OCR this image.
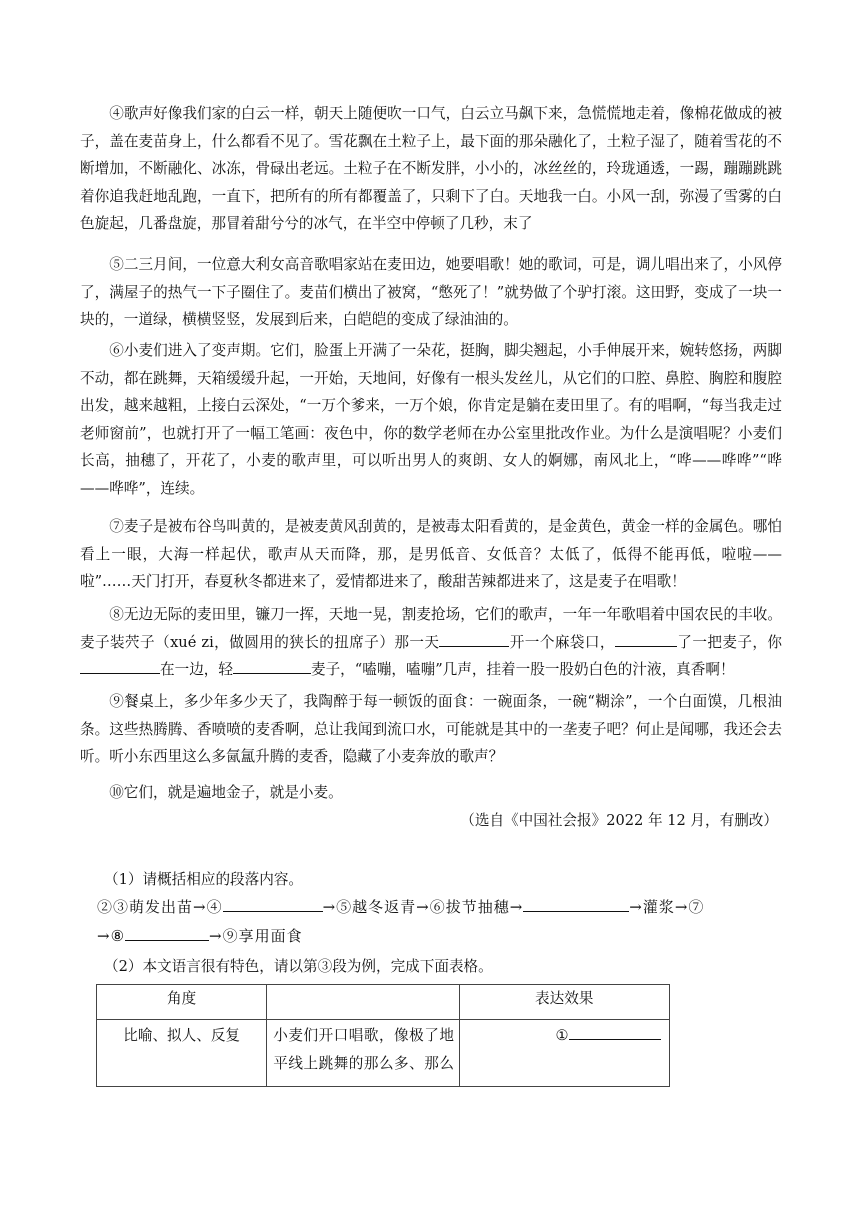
④歌声好像我们家的白云一样，朝天上随便吹一口气，白云立马飙下来，急慌慌地走着，像棉花做成的被子，盖在麦苗身上，什么都看不见了。雪花飘在土粒子上，最下面的那朵融化了，土粒子湿了，随着雪花的不断增加，不断融化、冰冻，骨碌出老远。土粒子在不断发胖，小小的，冰丝丝的，玲珑通透，一踢，蹦蹦跳跳着你追我赶地乱跑，一直下，把所有的所有都覆盖了，只剩下了白。天地我一白。小风一刮，弥漫了雪雾的白色旋起，几番盘旋，那冒着甜兮兮的冰气，在半空中停顿了几秒，末了

⑤二三月间，一位意大利女高音歌唱家站在麦田边，她要唱歌！她的歌词，可是，调儿唱出来了，小风停了，满屋子的热气一下子圈住了。麦苗们横出了被窝，“憋死了！”就势做了个驴打滚。这田野，变成了一块一块的，一道绿，横横竖竖，发展到后来，白皑皑的变成了绿油油的。

⑥小麦们进入了变声期。它们，脸蛋上开满了一朵花，挺胸，脚尖翘起，小手伸展开来，婉转悠扬，两脚不动，都在跳舞，天箱缓缓升起，一开始，天地间，好像有一根头发丝儿，从它们的口腔、鼻腔、胸腔和腹腔出发，越来越粗，上接白云深处，“一万个爹来，一万个娘，你肯定是躺在麦田里了。有的唱啊，“每当我走过老师窗前”，也就打开了一幅工笔画：夜色中，你的数学老师在办公室里批改作业。为什么是演唱呢？小麦们长高，抽穗了，开花了，小麦的歌声里，可以听出男人的爽朗、女人的婀娜，南风北上，“哗——哗哗”“哗——哗哗”，连续。

⑦麦子是被布谷鸟叫黄的，是被麦黄风刮黄的，是被毒太阳看黄的，是金黄色，黄金一样的金属色。哪怕看上一眼，大海一样起伏，歌声从天而降，那，是男低音、女低音？太低了，低得不能再低，啦啦——啦”……天门打开，春夏秋冬都进来了，爱情都进来了，酸甜苦辣都进来了，这是麦子在唱歌！

⑧无边无际的麦田里，镰刀一挥，天地一晃，割麦抢场，它们的歌声，一年一年歌唱着中国农民的丰收。麦子装茓子（xué zi，做圆用的狭长的扭席子）那一天	开一个麻袋口，	了一把麦子，你在一边，轻	麦子，“嗑嘣，嗑嘣”几声，挂着一股一股奶白色的汁液，真香啊！

⑨餐桌上，多少年多少天了，我陶醉于每一顿饭的面食：一碗面条，一碗“糊涂”，一个白面馍，几根油条。这些热腾腾、香喷喷的麦香啊，总让我闻到流口水，可能就是其中的一垄麦子吧？何止是闻哪，我还会去听。听小东西里这么多氤氲升腾的麦香，隐藏了小麦奔放的歌声？

⑩它们，就是遍地金子，就是小麦。

（选自《中国社会报》2022 年 12 月，有删改）
（1）请概括相应的段落内容。
②③萌发出苗→④	→⑤越冬返青→⑥拔节抽穗→	→灌浆→⑦
→⑧	→⑨享用面食
（2）本文语言很有特色，请以第③段为例，完成下面表格。
角度		表达效果
比喻、拟人、反复	小麦们开口唱歌，像极了地平线上跳舞的那么多、那么	①
